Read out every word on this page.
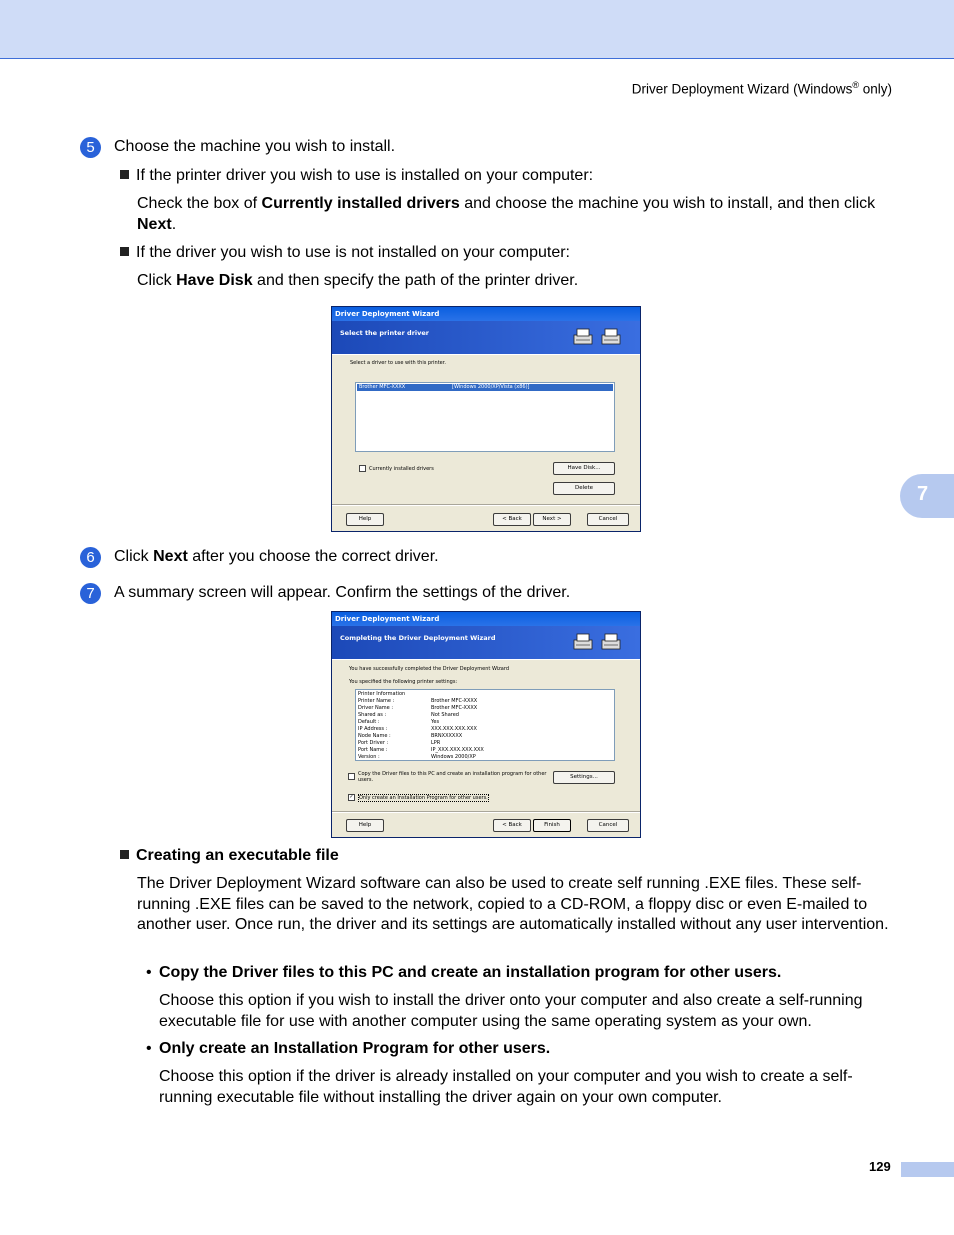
Driver Deployment Wizard (Windows® only)
7
5	Choose the machine you wish to install.
If the printer driver you wish to use is installed on your computer:
Check the box of Currently installed drivers and choose the machine you wish to install, and then click Next.
If the driver you wish to use is not installed on your computer:
Click Have Disk and then specify the path of the printer driver.
Driver Deployment Wizard
Select the printer driver
Select a driver to use with this printer.
Brother MFC-XXXX	[Windows 2000/XP/Vista (x86)]
Currently installed drivers	Have Disk...
Delete
Help	< Back	Next >	Cancel
6	Click Next after you choose the correct driver.
7	A summary screen will appear. Confirm the settings of the driver.
Driver Deployment Wizard
Completing the Driver Deployment Wizard
You have successfully completed the Driver Deployment Wizard
You specified the following printer settings:
Printer Information
Printer Name :	Brother MFC-XXXX
Driver Name :	Brother MFC-XXXX
Shared as :	Not Shared
Default :	Yes
IP Address :	XXX.XXX.XXX.XXX
Node Name :	BRNXXXXXX
Port Driver :	LPR
Port Name :	IP_XXX.XXX.XXX.XXX
Version :	Windows 2000/XP
Copy the Driver files to this PC and create an installation program for other users.	Settings...
✓ Only create an Installation Program for other users.
Help	< Back	Finish	Cancel
Creating an executable file
The Driver Deployment Wizard software can also be used to create self running .EXE files. These self-running .EXE files can be saved to the network, copied to a CD-ROM, a floppy disc or even E-mailed to another user. Once run, the driver and its settings are automatically installed without any user intervention.
• Copy the Driver files to this PC and create an installation program for other users.
Choose this option if you wish to install the driver onto your computer and also create a self-running executable file for use with another computer using the same operating system as your own.
• Only create an Installation Program for other users.
Choose this option if the driver is already installed on your computer and you wish to create a self-running executable file without installing the driver again on your own computer.
129
